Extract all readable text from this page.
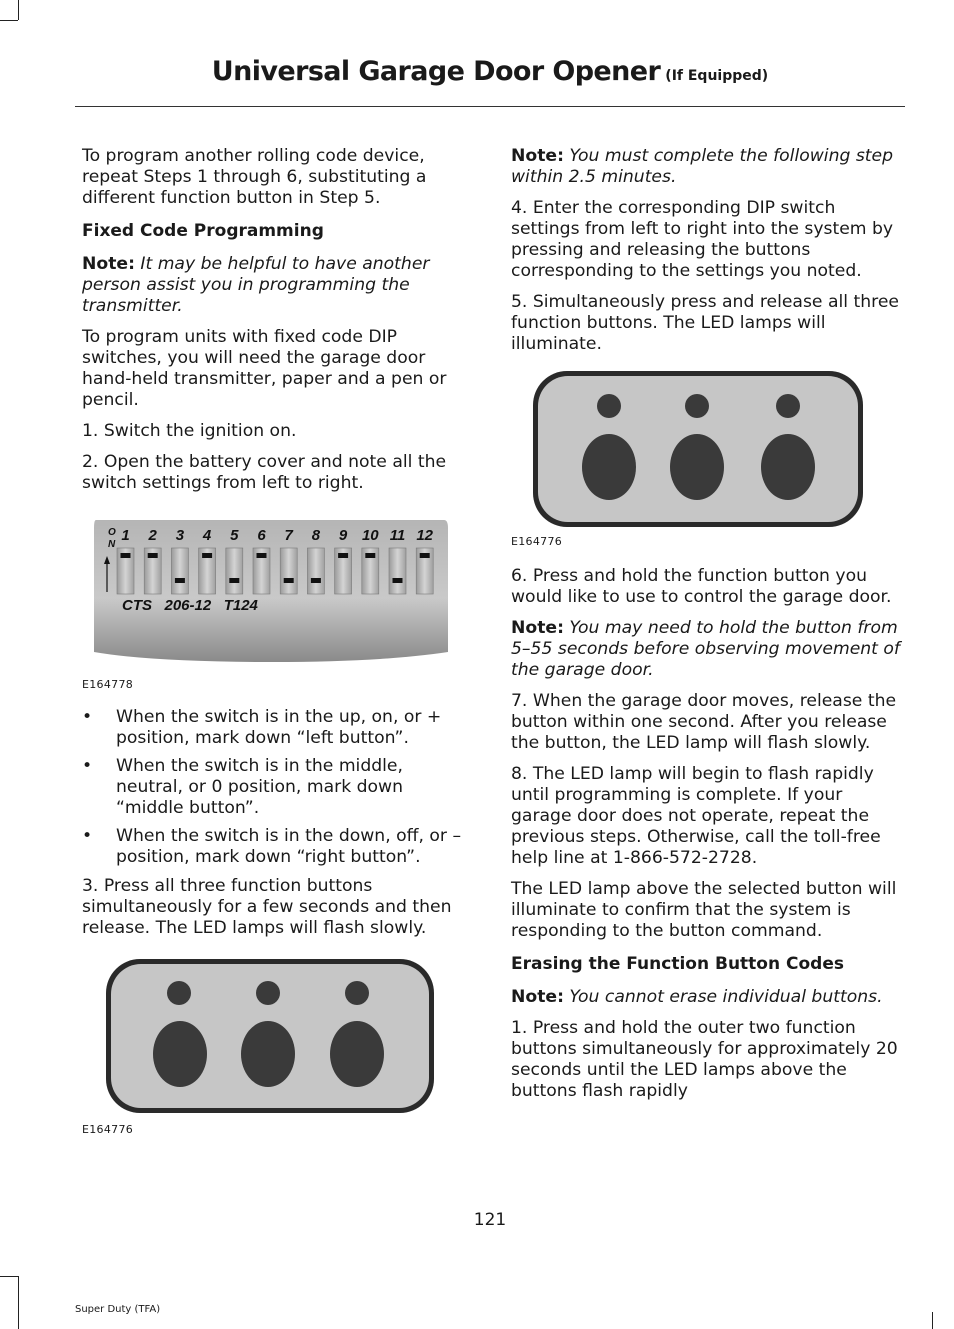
Universal Garage Door Opener (If Equipped)

To program another rolling code device, repeat Steps 1 through 6, substituting a different function button in Step 5.

Fixed Code Programming

Note: It may be helpful to have another person assist you in programming the transmitter.

To program units with fixed code DIP switches, you will need the garage door hand-held transmitter, paper and a pen or pencil.

1. Switch the ignition on.

2. Open the battery cover and note all the switch settings from left to right.

1 2 3 4 5 6 7 8 9 10 11 12
O
N
CTS   206-12   T124
E164778
• When the switch is in the up, on, or + position, mark down “left button”.
• When the switch is in the middle, neutral, or 0 position, mark down “middle button”.
• When the switch is in the down, off, or – position, mark down “right button”.

3. Press all three function buttons simultaneously for a few seconds and then release. The LED lamps will flash slowly.

E164776

Note: You must complete the following step within 2.5 minutes.

4. Enter the corresponding DIP switch settings from left to right into the system by pressing and releasing the buttons corresponding to the settings you noted.

5. Simultaneously press and release all three function buttons. The LED lamps will illuminate.

E164776

6. Press and hold the function button you would like to use to control the garage door.

Note: You may need to hold the button from 5–55 seconds before observing movement of the garage door.

7. When the garage door moves, release the button within one second. After you release the button, the LED lamp will flash slowly.

8. The LED lamp will begin to flash rapidly until programming is complete. If your garage door does not operate, repeat the previous steps. Otherwise, call the toll-free help line at 1-866-572-2728.

The LED lamp above the selected button will illuminate to confirm that the system is responding to the button command.

Erasing the Function Button Codes

Note: You cannot erase individual buttons.

1. Press and hold the outer two function buttons simultaneously for approximately 20 seconds until the LED lamps above the buttons flash rapidly

121
Super Duty (TFA)
